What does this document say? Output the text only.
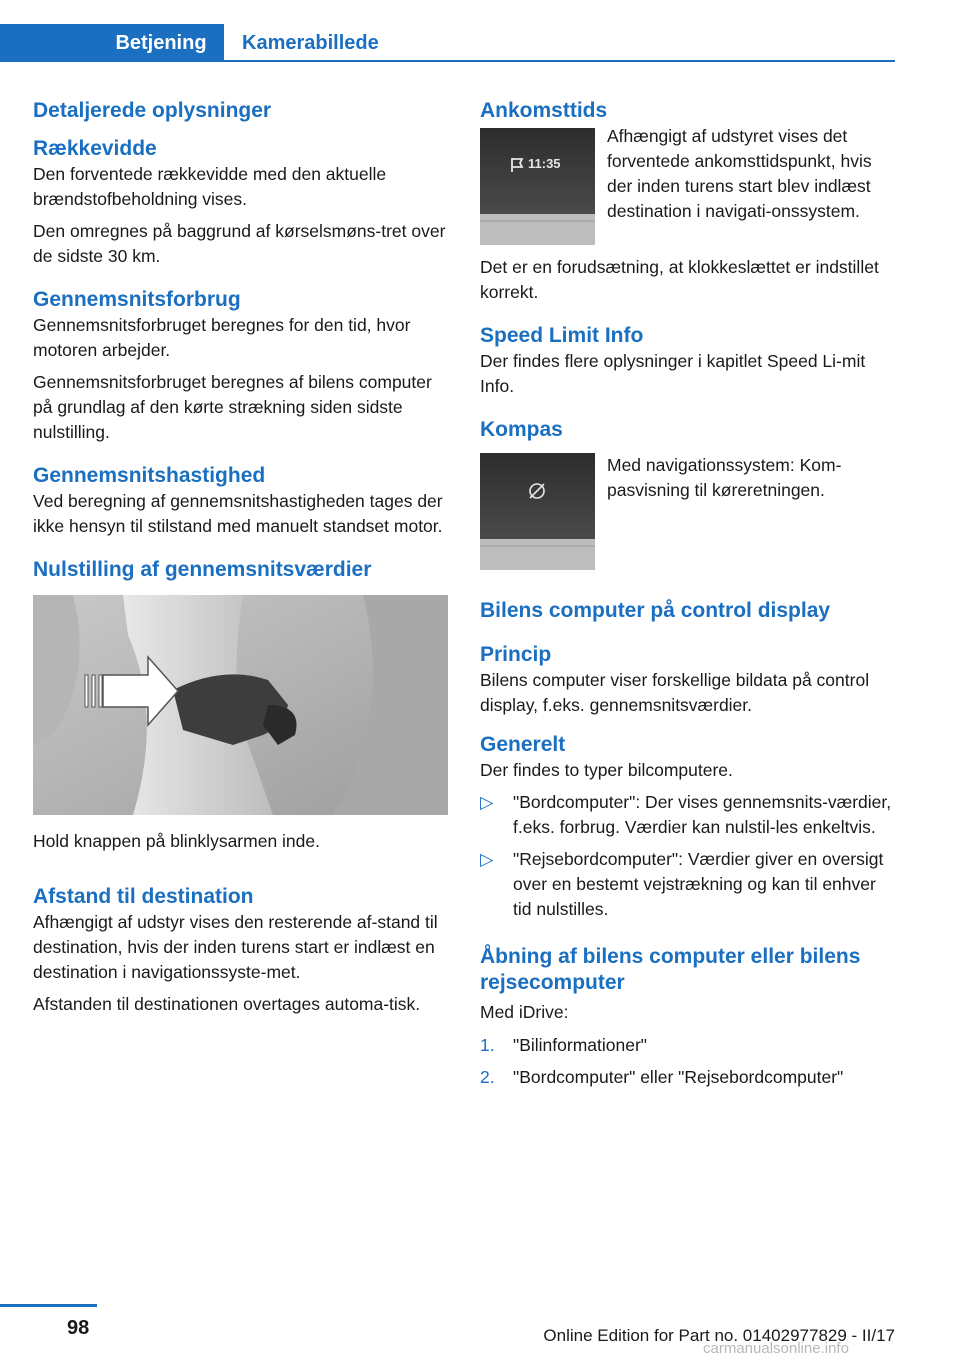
Betjening	Kamerabillede
Detaljerede oplysninger
Rækkevidde

Den forventede rækkevidde med den aktuelle brændstofbeholdning vises.

Den omregnes på baggrund af kørselsmøns-tret over de sidste 30 km.

Gennemsnitsforbrug

Gennemsnitsforbruget beregnes for den tid, hvor motoren arbejder.

Gennemsnitsforbruget beregnes af bilens computer på grundlag af den kørte strækning siden sidste nulstilling.

Gennemsnitshastighed

Ved beregning af gennemsnitshastigheden tages der ikke hensyn til stilstand med manuelt standset motor.

Nulstilling af gennemsnitsværdier

Hold knappen på blinklysarmen inde.

Afstand til destination

Afhængigt af udstyr vises den resterende af-stand til destination, hvis der inden turens start er indlæst en destination i navigationssyste-met.

Afstanden til destinationen overtages automa-tisk.

Ankomsttids
11:35

Afhængigt af udstyret vises det forventede ankomsttidspunkt, hvis der inden turens start blev indlæst destination i navigati-onssystem.

Det er en forudsætning, at klokkeslættet er indstillet korrekt.

Speed Limit Info

Der findes flere oplysninger i kapitlet Speed Li-mit Info.

Kompas

Med navigationssystem: Kom-pasvisning til køreretningen.

Bilens computer på control display
Princip

Bilens computer viser forskellige bildata på control display, f.eks. gennemsnitsværdier.

Generelt

Der findes to typer bilcomputere.

▷ "Bordcomputer": Der vises gennemsnits-værdier, f.eks. forbrug. Værdier kan nulstil-les enkeltvis.
▷ "Rejsebordcomputer": Værdier giver en oversigt over en bestemt vejstrækning og kan til enhver tid nulstilles.
Åbning af bilens computer eller bilens rejsecomputer

Med iDrive:

1.	"Bilinformationer"
2.	"Bordcomputer" eller "Rejsebordcomputer"
98	Online Edition for Part no. 01402977829 - II/17
carmanualsonline.info
